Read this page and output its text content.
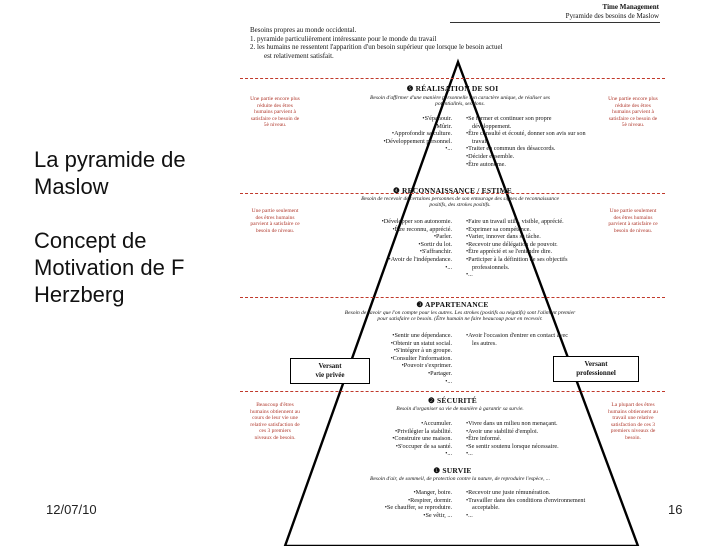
La pyramide de
Maslow
Concept de
Motivation de F
Herzberg
12/07/10	16
Time Management
Pyramide des besoins de Maslow
Besoins propres au monde occidental.
1. pyramide particulièrement intéressante pour le monde du travail
2. les humains ne ressentent l'apparition d'un besoin supérieur que lorsque le besoin actuel
est relativement satisfait.
Une partie encore plus réduite des êtres humains parvient à satisfaire ce besoin de 5è niveau.
Une partie encore plus réduite des êtres humains parvient à satisfaire ce besoin de 5è niveau.
Une partie seulement des êtres humains parvient à satisfaire ce besoin de niveau.
Une partie seulement des êtres humains parvient à satisfaire ce besoin de niveau.
Beaucoup d'êtres humains obtiennent au cours de leur vie une relative satisfaction de ces 3 premiers niveaux de besoin.
La plupart des êtres humains obtiennent au travail une relative satisfaction de ces 3 premiers niveaux de besoin.
❺ RÉALISATION DE SOI
Besoin d'affirmer d'une manière personnelle son caractère unique, de réaliser ses potentialités, ses dons.
• S'épanouir.
• Mûrir.
• Approfondir sa culture.
• Développement personnel.
• ...
• Se former et continuer son propre développement.
• Être consulté et écouté, donner son avis sur son travail.
• Traiter en commun des désaccords.
• Décider ensemble.
• Être autonome.
❹ RECONNAISSANCE / ESTIME
Besoin de recevoir de certaines personnes de son entourage des signes de reconnaissance positifs, des strokes positifs.
• Développer son autonomie.
• Être reconnu, apprécié.
• Parler.
• Sortir du lot.
• S'affranchir.
• Avoir de l'indépendance.
• ...
• Faire un travail utile, visible, apprécié.
• Exprimer sa compétence.
• Varier, innover dans sa tâche.
• Recevoir une délégation de pouvoir.
• Être apprécié et se l'entendre dire.
• Participer à la définition de ses objectifs professionnels.
• ...
❸ APPARTENANCE
Besoin de savoir que l'on compte pour les autres. Les strokes (positifs ou négatifs) sont l'aliment premier pour satisfaire ce besoin. (Être humain ne faire beaucoup pour en recevoir.
• Sentir une dépendance.
• Obtenir un statut social.
• S'intégrer à un groupe.
• Consulter l'information.
• Pouvoir s'exprimer.
• Partager.
• ...
• Avoir l'occasion d'entrer en contact avec les autres.
Versant
vie privée
Versant
professionnel
❷ SÉCURITÉ
Besoin d'organiser sa vie de manière à garantir sa survie.
• Accumuler.
• Privilégier la stabilité.
• Construire une maison.
• S'occuper de sa santé.
• ...
• Vivre dans un milieu non menaçant.
• Avoir une stabilité d'emploi.
• Être informé.
• Se sentir soutenu lorsque nécessaire.
• ...
❶ SURVIE
Besoin d'air, de sommeil, de protection contre la nature, de reproduire l'espèce, ...
• Manger, boire.
• Respirer, dormir.
• Se chauffer, se reproduire.
• Se vêtir, ...
• Recevoir une juste rémunération.
• Travailler dans des conditions d'environnement acceptable.
• ...
